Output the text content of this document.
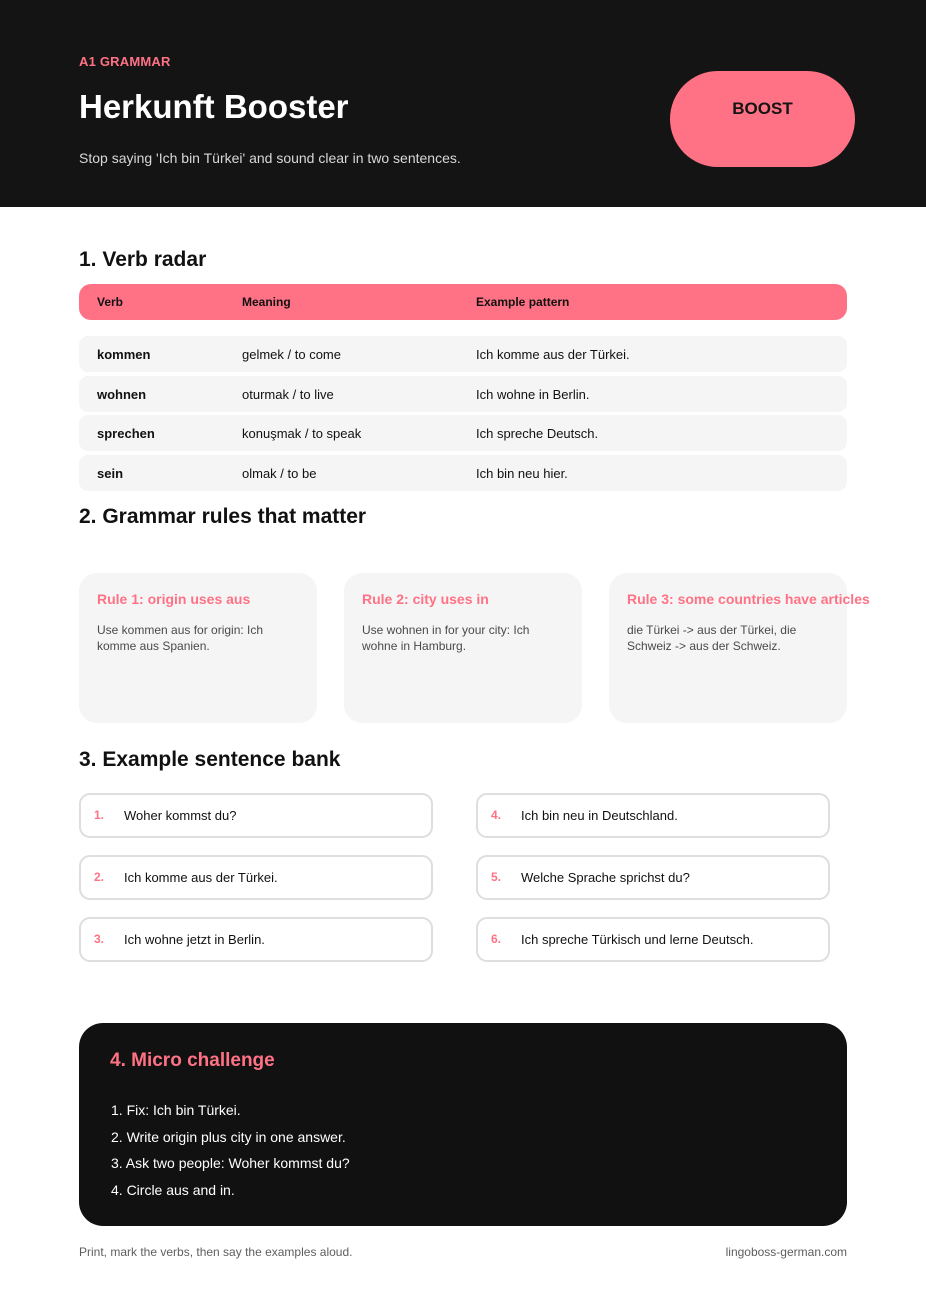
A1 GRAMMAR
Herkunft Booster
Stop saying 'Ich bin Türkei' and sound clear in two sentences.
BOOST
1. Verb radar
Verb	Meaning	Example pattern
kommen	gelmek / to come	Ich komme aus der Türkei.
wohnen	oturmak / to live	Ich wohne in Berlin.
sprechen	konuşmak / to speak	Ich spreche Deutsch.
sein	olmak / to be	Ich bin neu hier.
2. Grammar rules that matter
Rule 1: origin uses aus
Use kommen aus for origin: Ich komme aus Spanien.
Rule 2: city uses in
Use wohnen in for your city: Ich wohne in Hamburg.
Rule 3: some countries have articles
die Türkei -> aus der Türkei, die Schweiz -> aus der Schweiz.
3. Example sentence bank
1. Woher kommst du?
2. Ich komme aus der Türkei.
3. Ich wohne jetzt in Berlin.
4. Ich bin neu in Deutschland.
5. Welche Sprache sprichst du?
6. Ich spreche Türkisch und lerne Deutsch.
4. Micro challenge
1. Fix: Ich bin Türkei.
2. Write origin plus city in one answer.
3. Ask two people: Woher kommst du?
4. Circle aus and in.
Print, mark the verbs, then say the examples aloud.	lingoboss-german.com
